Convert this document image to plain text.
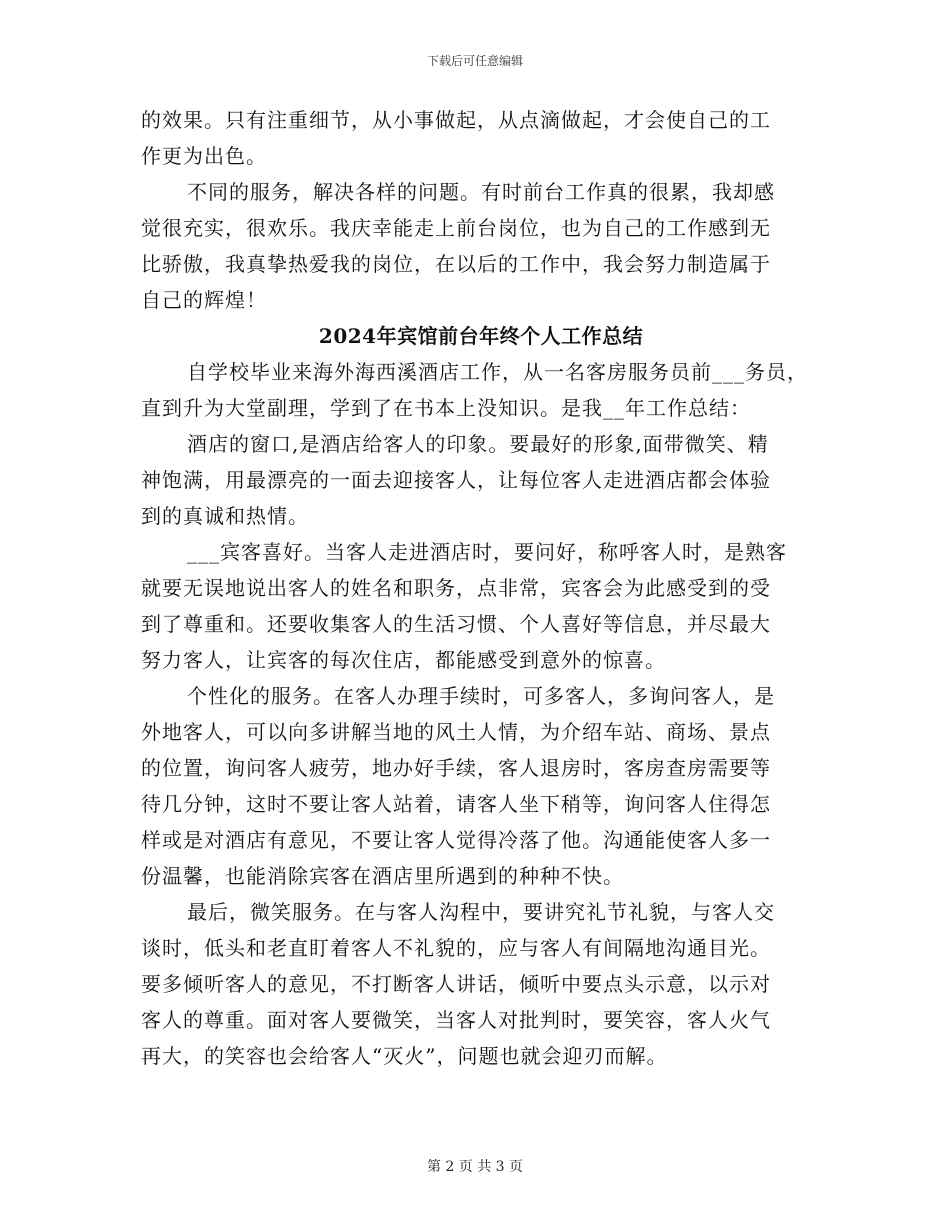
下载后可任意编辑
的效果。只有注重细节，从小事做起，从点滴做起，才会使自己的工
作更为出色。
不同的服务，解决各样的问题。有时前台工作真的很累，我却感
觉很充实，很欢乐。我庆幸能走上前台岗位，也为自己的工作感到无
比骄傲，我真挚热爱我的岗位，在以后的工作中，我会努力制造属于
自己的辉煌！
2024年宾馆前台年终个人工作总结
自学校毕业来海外海西溪酒店工作，从一名客房服务员前___务员，
直到升为大堂副理，学到了在书本上没知识。是我__年工作总结：
酒店的窗口,是酒店给客人的印象。要最好的形象,面带微笑、精
神饱满，用最漂亮的一面去迎接客人，让每位客人走进酒店都会体验
到的真诚和热情。
___宾客喜好。当客人走进酒店时，要问好，称呼客人时，是熟客
就要无误地说出客人的姓名和职务，点非常，宾客会为此感受到的受
到了尊重和。还要收集客人的生活习惯、个人喜好等信息，并尽最大
努力客人，让宾客的每次住店，都能感受到意外的惊喜。
个性化的服务。在客人办理手续时，可多客人，多询问客人，是
外地客人，可以向多讲解当地的风土人情，为介绍车站、商场、景点
的位置，询问客人疲劳，地办好手续，客人退房时，客房查房需要等
待几分钟，这时不要让客人站着，请客人坐下稍等，询问客人住得怎
样或是对酒店有意见，不要让客人觉得冷落了他。沟通能使客人多一
份温馨，也能消除宾客在酒店里所遇到的种种不快。
最后，微笑服务。在与客人沟程中，要讲究礼节礼貌，与客人交
谈时，低头和老直盯着客人不礼貌的，应与客人有间隔地沟通目光。
要多倾听客人的意见，不打断客人讲话，倾听中要点头示意，以示对
客人的尊重。面对客人要微笑，当客人对批判时，要笑容，客人火气
再大，的笑容也会给客人“灭火”，问题也就会迎刃而解。
第 2 页 共 3 页
